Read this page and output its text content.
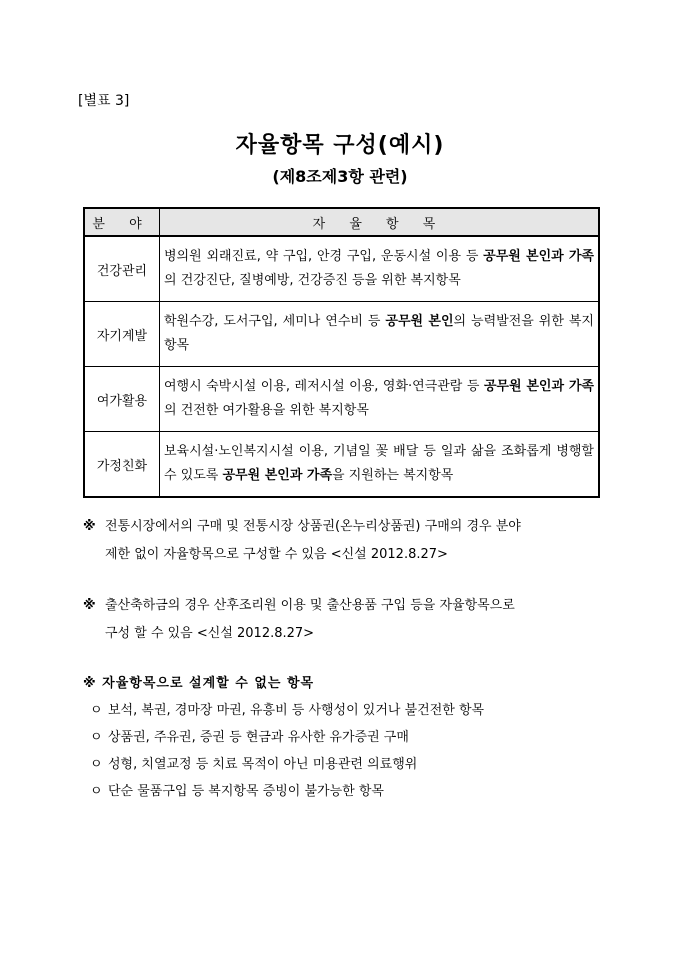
[별표 3]
자율항목 구성(예시)
(제8조제3항 관련)
분 야	자 율 항 목
건강관리	병의원 외래진료, 약 구입, 안경 구입, 운동시설 이용 등 공무원 본인과 가족의 건강진단, 질병예방, 건강증진 등을 위한 복지항목
자기계발	학원수강, 도서구입, 세미나 연수비 등 공무원 본인의 능력발전을 위한 복지항목
여가활용	여행시 숙박시설 이용, 레저시설 이용, 영화·연극관람 등 공무원 본인과 가족의 건전한 여가활용을 위한 복지항목
가정친화	보육시설·노인복지시설 이용, 기념일 꽃 배달 등 일과 삶을 조화롭게 병행할 수 있도록 공무원 본인과 가족을 지원하는 복지항목
※ 전통시장에서의 구매 및 전통시장 상품권(온누리상품권) 구매의 경우 분야
제한 없이 자율항목으로 구성할 수 있음 <신설 2012.8.27>
※ 출산축하금의 경우 산후조리원 이용 및 출산용품 구입 등을 자율항목으로
구성 할 수 있음 <신설 2012.8.27>
※ 자율항목으로 설계할 수 없는 항목
ㅇ 보석, 복권, 경마장 마권, 유흥비 등 사행성이 있거나 불건전한 항목
ㅇ 상품권, 주유권, 증권 등 현금과 유사한 유가증권 구매
ㅇ 성형, 치열교정 등 치료 목적이 아닌 미용관련 의료행위
ㅇ 단순 물품구입 등 복지항목 증빙이 불가능한 항목
